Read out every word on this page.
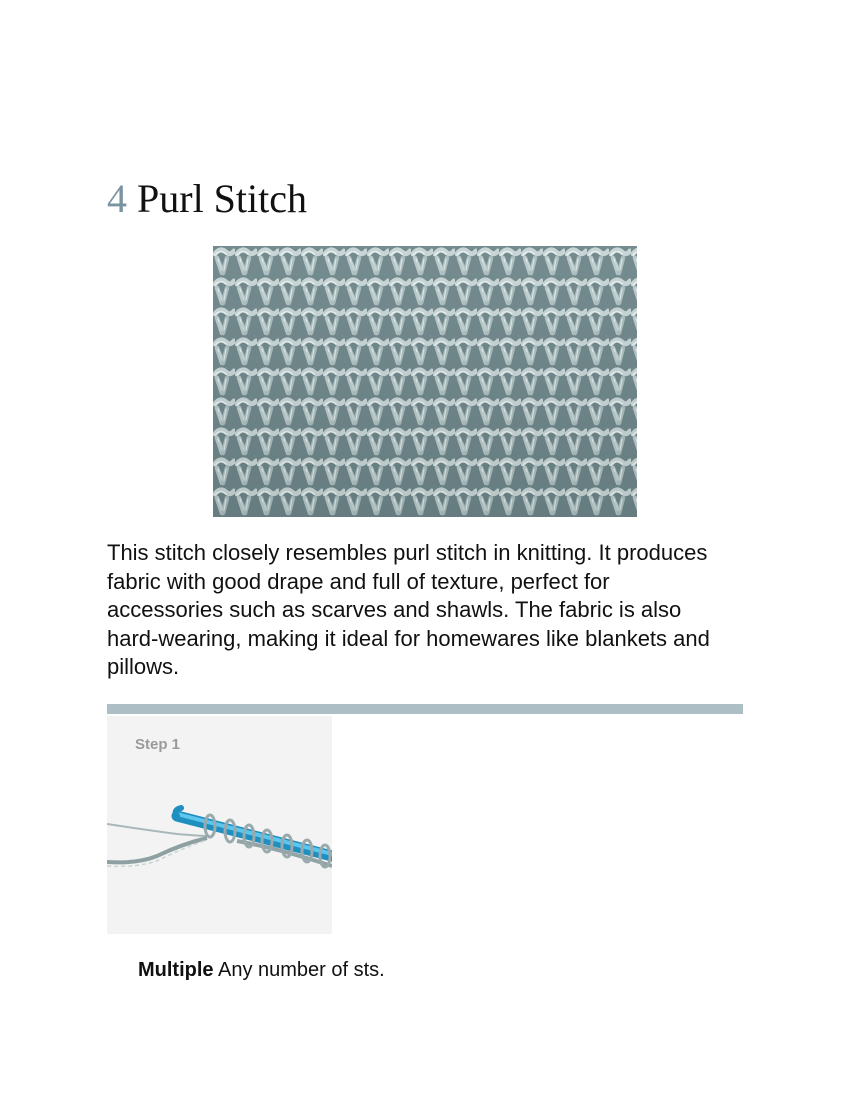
4 Purl Stitch

This stitch closely resembles purl stitch in knitting. It produces fabric with good drape and full of texture, perfect for accessories such as scarves and shawls. The fabric is also hard-wearing, making it ideal for homewares like blankets and pillows.

Step 1

Multiple Any number of sts.
